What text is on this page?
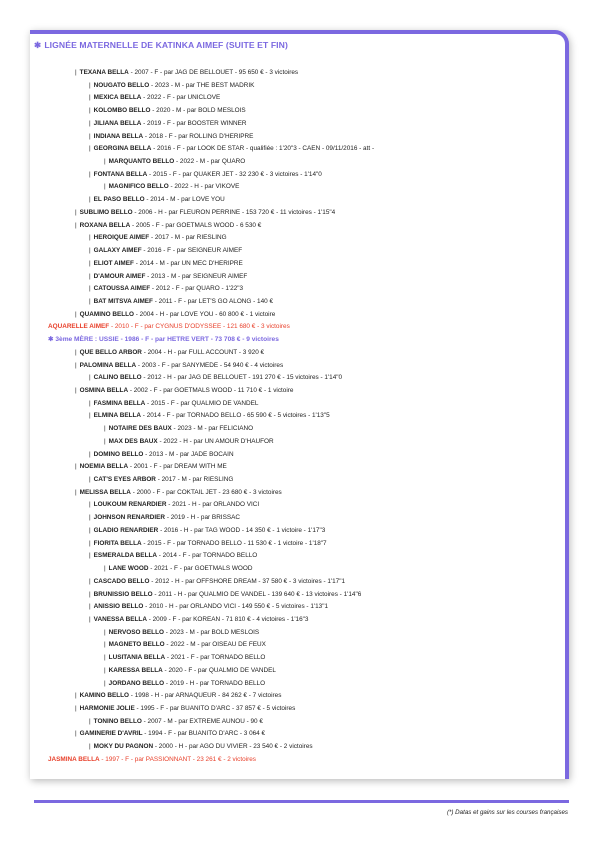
✱ LIGNÉE MATERNELLE DE KATINKA AIMEF (SUITE ET FIN)
| TEXANA BELLA - 2007 - F - par JAG DE BELLOUET - 95 650 € - 3 victoires
| NOUGATO BELLO - 2023 - M - par THE BEST MADRIK
| MEXICA BELLA - 2022 - F - par UNICLOVE
| KOLOMBO BELLO - 2020 - M - par BOLD MESLOIS
| JILIANA BELLA - 2019 - F - par BOOSTER WINNER
| INDIANA BELLA - 2018 - F - par ROLLING D'HERIPRE
| GEORGINA BELLA - 2016 - F - par LOOK DE STAR - qualifiée : 1'20"3 - CAEN - 09/11/2016 - att -
| MARQUANTO BELLO - 2022 - M - par QUARO
| FONTANA BELLA - 2015 - F - par QUAKER JET - 32 230 € - 3 victoires - 1'14"0
| MAGNIFICO BELLO - 2022 - H - par VIKOVE
| EL PASO BELLO - 2014 - M - par LOVE YOU
| SUBLIMO BELLO - 2006 - H - par FLEURON PERRINE - 153 720 € - 11 victoires - 1'15"4
| ROXANA BELLA - 2005 - F - par GOETMALS WOOD - 6 530 €
| HEROIQUE AIMEF - 2017 - M - par RIESLING
| GALAXY AIMEF - 2016 - F - par SEIGNEUR AIMEF
| ELIOT AIMEF - 2014 - M - par UN MEC D'HERIPRE
| D'AMOUR AIMEF - 2013 - M - par SEIGNEUR AIMEF
| CATOUSSA AIMEF - 2012 - F - par QUARO - 1'22"3
| BAT MITSVA AIMEF - 2011 - F - par LET'S GO ALONG - 140 €
| QUAMINO BELLO - 2004 - H - par LOVE YOU - 60 800 € - 1 victoire
AQUARELLE AIMEF - 2010 - F - par CYGNUS D'ODYSSEE - 121 680 € - 3 victoires
✱ 3ème MÈRE : USSIE - 1986 - F - par HETRE VERT - 73 708 € - 9 victoires
| QUE BELLO ARBOR - 2004 - H - par FULL ACCOUNT - 3 920 €
| PALOMINA BELLA - 2003 - F - par SANYMEDE - 54 940 € - 4 victoires
| CALINO BELLO - 2012 - H - par JAG DE BELLOUET - 191 270 € - 15 victoires - 1'14"0
| OSMINA BELLA - 2002 - F - par GOETMALS WOOD - 11 710 € - 1 victoire
| FASMINA BELLA - 2015 - F - par QUALMIO DE VANDEL
| ELMINA BELLA - 2014 - F - par TORNADO BELLO - 65 590 € - 5 victoires - 1'13"5
| NOTAIRE DES BAUX - 2023 - M - par FELICIANO
| MAX DES BAUX - 2022 - H - par UN AMOUR D'HAUFOR
| DOMINO BELLO - 2013 - M - par JADE BOCAIN
| NOEMIA BELLA - 2001 - F - par DREAM WITH ME
| CAT'S EYES ARBOR - 2017 - M - par RIESLING
| MELISSA BELLA - 2000 - F - par COKTAIL JET - 23 680 € - 3 victoires
| LOUKOUM RENARDIER - 2021 - H - par ORLANDO VICI
| JOHNSON RENARDIER - 2019 - H - par BRISSAC
| GLADIO RENARDIER - 2016 - H - par TAG WOOD - 14 350 € - 1 victoire - 1'17"3
| FIORITA BELLA - 2015 - F - par TORNADO BELLO - 11 530 € - 1 victoire - 1'18"7
| ESMERALDA BELLA - 2014 - F - par TORNADO BELLO
| LANE WOOD - 2021 - F - par GOETMALS WOOD
| CASCADO BELLO - 2012 - H - par OFFSHORE DREAM - 37 580 € - 3 victoires - 1'17"1
| BRUNISSIO BELLO - 2011 - H - par QUALMIO DE VANDEL - 139 640 € - 13 victoires - 1'14"6
| ANISSIO BELLO - 2010 - H - par ORLANDO VICI - 149 550 € - 5 victoires - 1'13"1
| VANESSA BELLA - 2009 - F - par KOREAN - 71 810 € - 4 victoires - 1'16"3
| NERVOSO BELLO - 2023 - M - par BOLD MESLOIS
| MAGNETO BELLO - 2022 - M - par OISEAU DE FEUX
| LUSITANIA BELLA - 2021 - F - par TORNADO BELLO
| KARESSA BELLA - 2020 - F - par QUALMIO DE VANDEL
| JORDANO BELLO - 2019 - H - par TORNADO BELLO
| KAMINO BELLO - 1998 - H - par ARNAQUEUR - 84 262 € - 7 victoires
| HARMONIE JOLIE - 1995 - F - par BUANITO D'ARC - 37 857 € - 5 victoires
| TONINO BELLO - 2007 - M - par EXTREME AUNOU - 90 €
| GAMINERIE D'AVRIL - 1994 - F - par BUANITO D'ARC - 3 064 €
| MOKY DU PAGNON - 2000 - H - par AGO DU VIVIER - 23 540 € - 2 victoires
JASMINA BELLA - 1997 - F - par PASSIONNANT - 23 261 € - 2 victoires
(*) Datas et gains sur les courses françaises
